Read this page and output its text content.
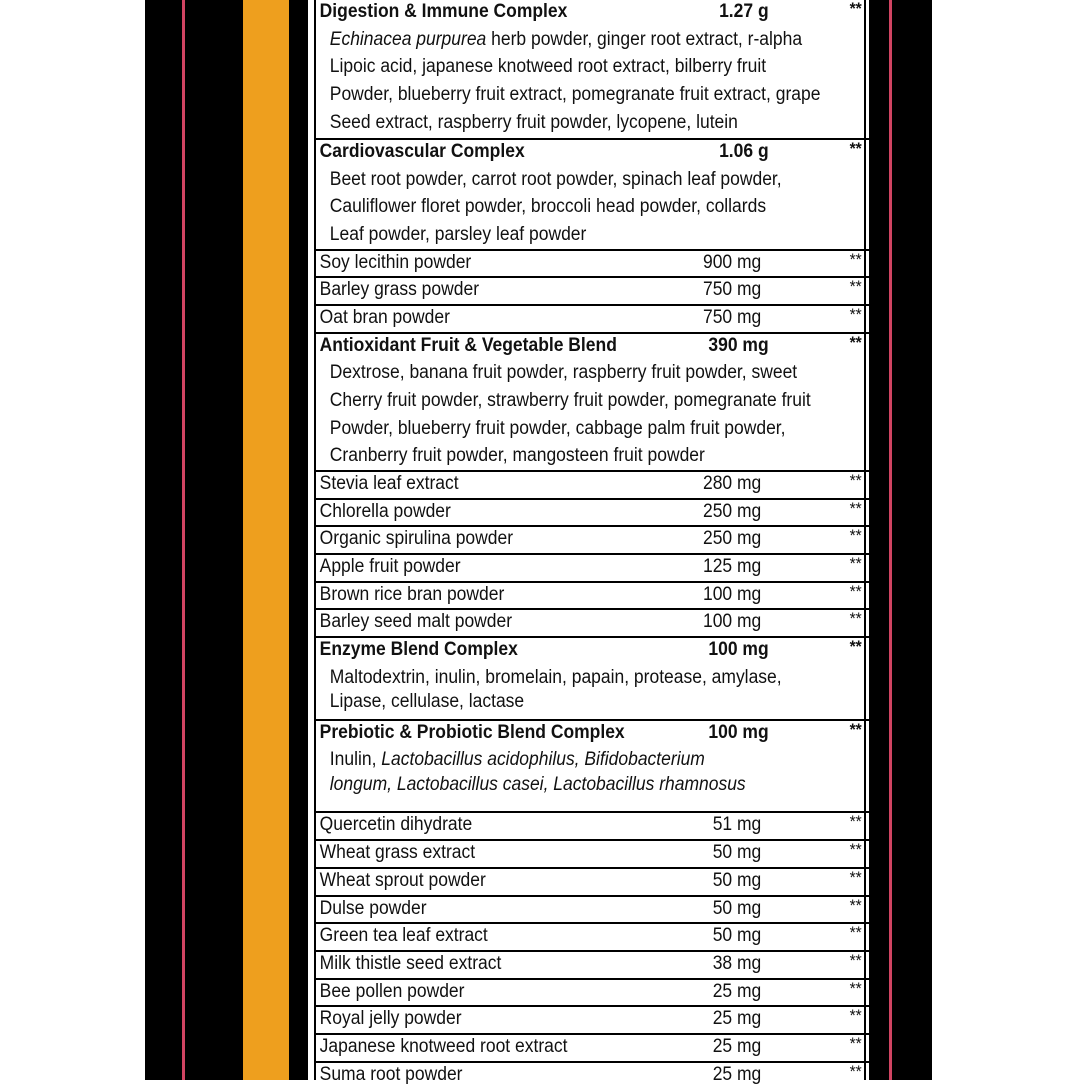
Digestion & Immune Complex	1.27 g	**
Echinacea purpurea herb powder, ginger root extract, r-alpha
Lipoic acid, japanese knotweed root extract, bilberry fruit
Powder, blueberry fruit extract, pomegranate fruit extract, grape
Seed extract, raspberry fruit powder, lycopene, lutein
Cardiovascular Complex	1.06 g	**
Beet root powder, carrot root powder, spinach leaf powder,
Cauliflower floret powder, broccoli head powder, collards
Leaf powder, parsley leaf powder
Soy lecithin powder	900 mg	**
Barley grass powder	750 mg	**
Oat bran powder	750 mg	**
Antioxidant Fruit & Vegetable Blend	390 mg	**
Dextrose, banana fruit powder, raspberry fruit powder, sweet
Cherry fruit powder, strawberry fruit powder, pomegranate fruit
Powder, blueberry fruit powder, cabbage palm fruit powder,
Cranberry fruit powder, mangosteen fruit powder
Stevia leaf extract	280 mg	**
Chlorella powder	250 mg	**
Organic spirulina powder	250 mg	**
Apple fruit powder	125 mg	**
Brown rice bran powder	100 mg	**
Barley seed malt powder	100 mg	**
Enzyme Blend Complex	100 mg	**
Maltodextrin, inulin, bromelain, papain, protease, amylase,
Lipase, cellulase, lactase
Prebiotic & Probiotic Blend Complex	100 mg	**
Inulin, Lactobacillus acidophilus, Bifidobacterium
longum, Lactobacillus casei, Lactobacillus rhamnosus
Quercetin dihydrate	51 mg	**
Wheat grass extract	50 mg	**
Wheat sprout powder	50 mg	**
Dulse powder	50 mg	**
Green tea leaf extract	50 mg	**
Milk thistle seed extract	38 mg	**
Bee pollen powder	25 mg	**
Royal jelly powder	25 mg	**
Japanese knotweed root extract	25 mg	**
Suma root powder	25 mg	**
